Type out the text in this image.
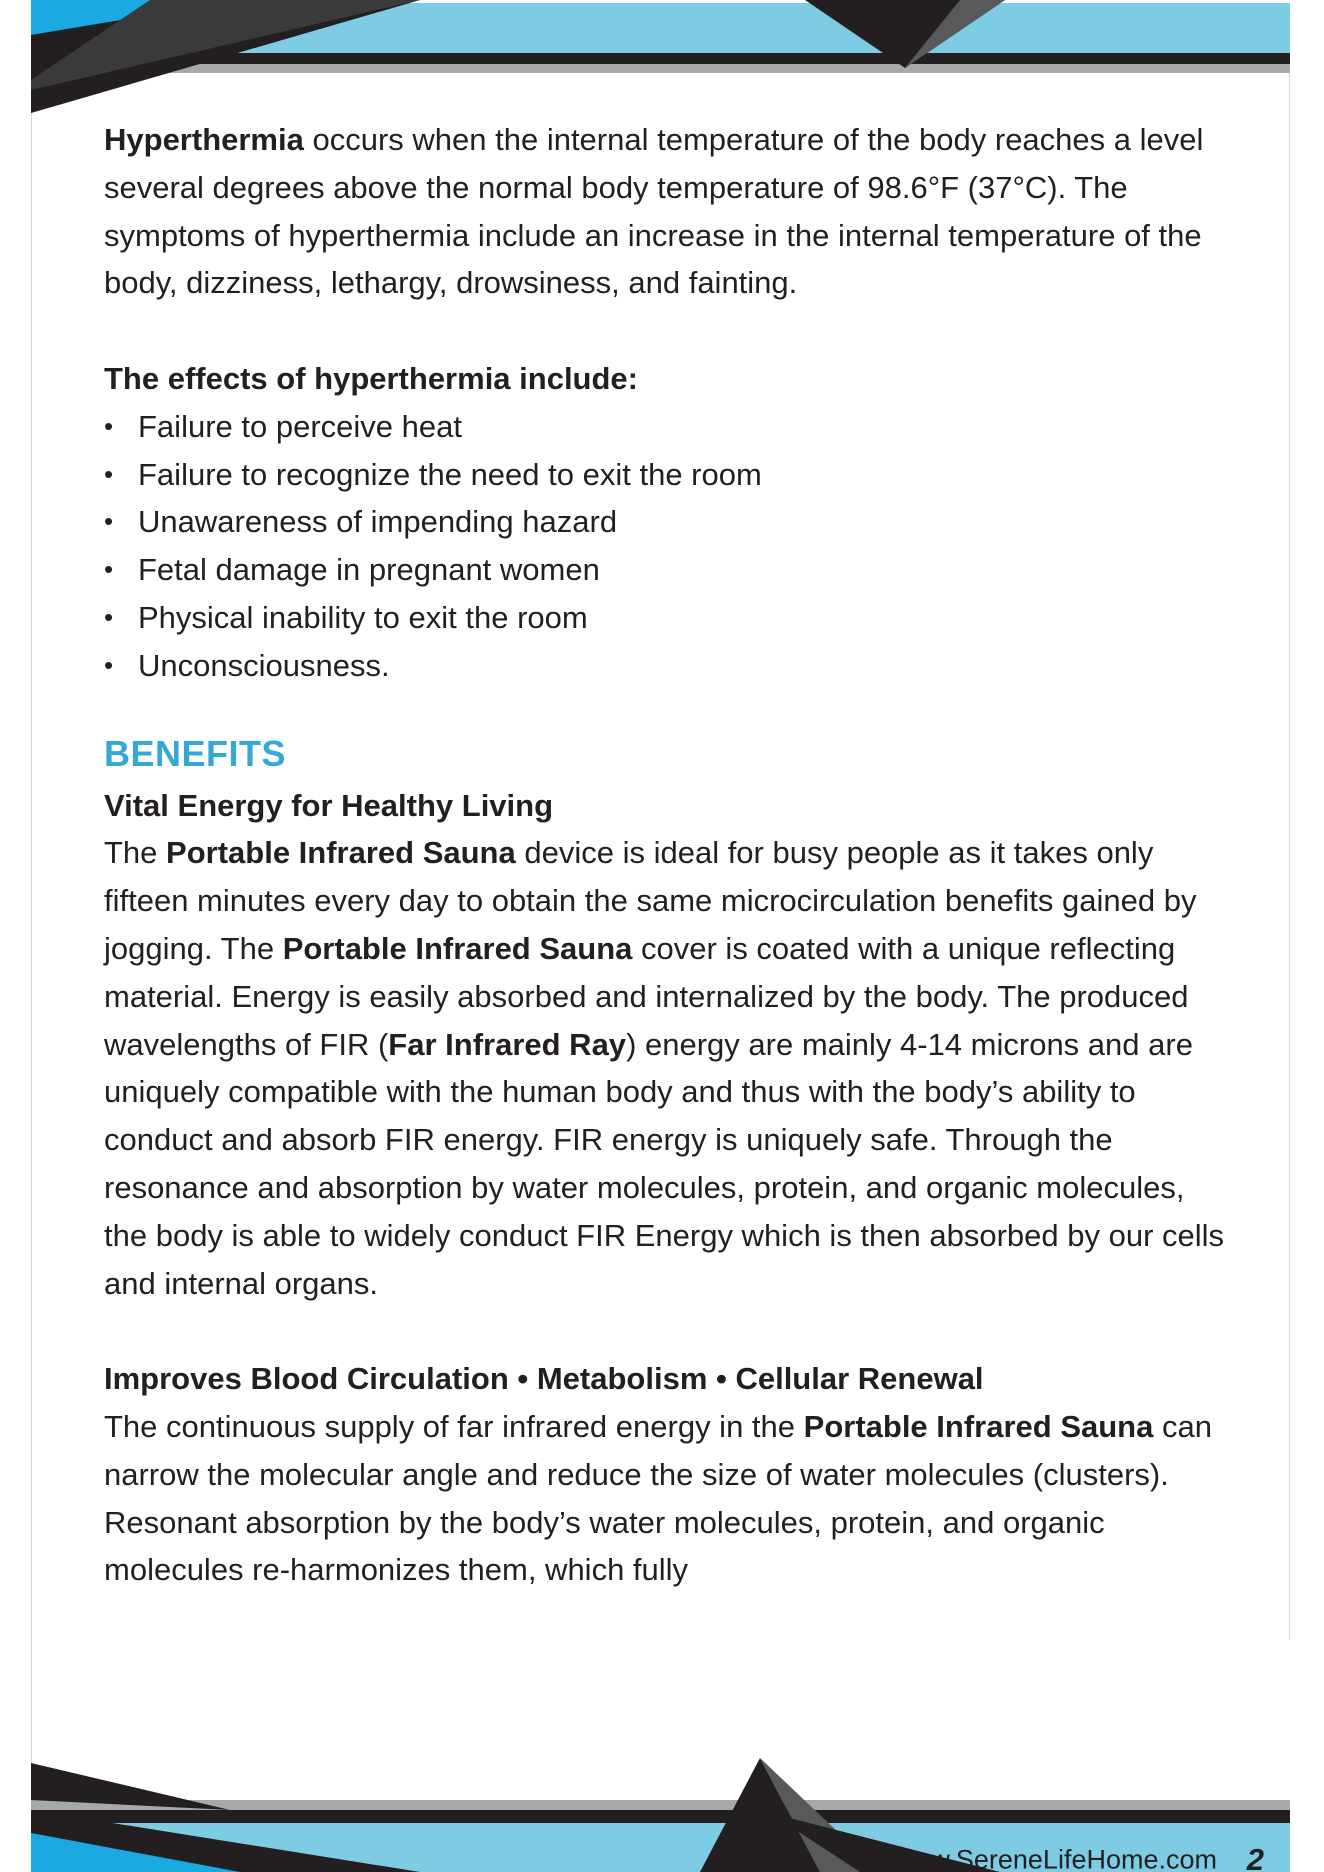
Hyperthermia occurs when the internal temperature of the body reaches a level several degrees above the normal body temperature of 98.6°F (37°C). The symptoms of hyperthermia include an increase in the internal temperature of the body, dizziness, lethargy, drowsiness, and fainting.

The effects of hyperthermia include:

• Failure to perceive heat
• Failure to recognize the need to exit the room
• Unawareness of impending hazard
• Fetal damage in pregnant women
• Physical inability to exit the room
• Unconsciousness.

BENEFITS

Vital Energy for Healthy Living

The Portable Infrared Sauna device is ideal for busy people as it takes only fifteen minutes every day to obtain the same microcirculation benefits gained by jogging. The Portable Infrared Sauna cover is coated with a unique reflecting material. Energy is easily absorbed and internalized by the body. The produced wavelengths of FIR (Far Infrared Ray) energy are mainly 4-14 microns and are uniquely compatible with the human body and thus with the body’s ability to conduct and absorb FIR energy. FIR energy is uniquely safe. Through the resonance and absorption by water molecules, protein, and organic molecules, the body is able to widely conduct FIR Energy which is then absorbed by our cells and internal organs.

Improves Blood Circulation • Metabolism • Cellular Renewal

The continuous supply of far infrared energy in the Portable Infrared Sauna can narrow the molecular angle and reduce the size of water molecules (clusters). Resonant absorption by the body’s water molecules, protein, and organic molecules re-harmonizes them, which fully

www.SereneLifeHome.com 2
